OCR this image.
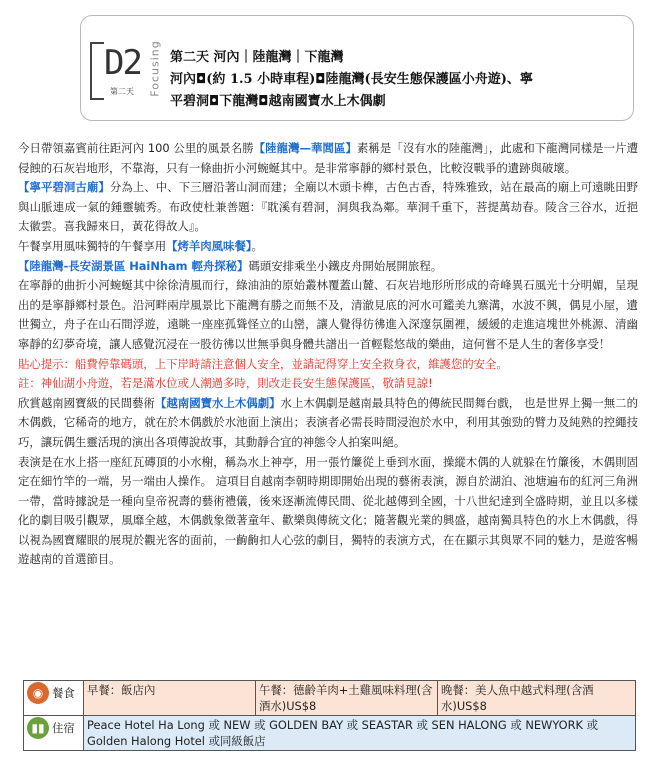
D2
第二天 Focusing 第二天 河內｜陸龍灣｜下龍灣
河內◘(約 1.5 小時車程)◘陸龍灣(長安生態保護區小舟遊)、寧
平碧洞◘下龍灣◘越南國寶水上木偶劇

今日帶領嘉賓前往距河內 100 公里的風景名勝【陸龍灣—華閭區】素稱是「沒有水的陸龍灣」，此處和下龍灣同樣是一片遭侵蝕的石灰岩地形，不靠海，只有一條曲折小河蜿蜒其中。是非常寧靜的鄉村景色，比較沒戰爭的遺跡與破壞。

【寧平碧洞古廟】分為上、中、下三層沿著山洞而建；全廟以木頭卡榫，古色古香，特殊雅致，站在最高的廟上可遠眺田野與山脈連成一氣的鍾靈毓秀。布政使杜兼善題：『耽溪有碧洞，洞與我為鄰。華洞千重下，菩提萬劫春。陵含三谷水，近挹太徽雲。喜我歸來日，黃花得故人』。

午餐享用風味獨特的午餐享用【烤羊肉風味餐】。

【陸龍灣-長安湖景區 HaiNham 輕舟探秘】碼頭安排乘坐小鐵皮舟開始展開旅程。

在寧靜的曲折小河蜿蜒其中徐徐清風而行，綠油油的原始叢林覆蓋山麓、石灰岩地形所形成的奇峰異石風光十分明媚，呈現出的是寧靜鄉村景色。沿河畔兩岸風景比下龍灣有勝之而無不及，清澈見底的河水可鑑美九寨溝，水波不興，偶見小屋，遺世獨立，舟子在山石間浮遊，遠眺一座座孤聳怪立的山巒，讓人覺得彷彿進入深邃氛圍裡，緩緩的走進這塊世外桃源、清幽寧靜的幻夢奇境，讓人感覺沉浸在一股彷彿以世無爭與身體共譜出一首輕鬆悠哉的樂曲，這何嘗不是人生的奢侈享受！

貼心提示：船費停靠碼頭，上下岸時請注意個人安全，並請記得穿上安全救身衣，維護您的安全。

註：神仙湖小舟遊，若是滿水位或人潮過多時，則改走長安生態保護區，敬請見諒!

欣賞越南國寶級的民間藝術【越南國寶水上木偶劇】水上木偶劇是越南最具特色的傳統民間舞台戲， 也是世界上獨一無二的木偶戲，它稀奇的地方，就在於木偶戲於水池面上演出；表演者必需長時間浸泡於水中，利用其強勁的臂力及純熟的控繩技巧，讓玩偶生靈活現的演出各項傳說故事，其動靜合宜的神態令人拍案叫絕。

表演是在水上搭一座紅瓦磚頂的小水榭，稱為水上神亭，用一張竹簾從上垂到水面，操縱木偶的人就躲在竹簾後，木偶則固定在細竹竿的一端，另一端由人操作。 這項目自越南李朝時期即開始出現的藝術表演，源自於湖泊、池塘遍布的紅河三角洲一帶，當時據說是一種向皇帝祝壽的藝術禮儀，後來逐漸流傳民間、從北越傳到全國，十八世紀達到全盛時期，並且以多樣化的劇目吸引觀眾，風靡全越，木偶戲象徵著童年、歡樂與傳統文化；隨著觀光業的興盛，越南獨具特色的水上木偶戲，得以視為國寶耀眼的展現於觀光客的面前，一齣齣扣人心弦的劇目，獨特的表演方式，在在顯示其與眾不同的魅力，是遊客暢遊越南的首選節目。

◉ 餐食	早餐：飯店內	午餐：德齡羊肉+土雞風味料理(含酒水)US$8	晚餐：美人魚中越式料理(含酒水)US$8

▮▮ 住宿	Peace Hotel Ha Long 或 NEW 或 GOLDEN BAY 或 SEASTAR 或 SEN HALONG 或 NEWYORK 或 Golden Halong Hotel 或同級飯店		
